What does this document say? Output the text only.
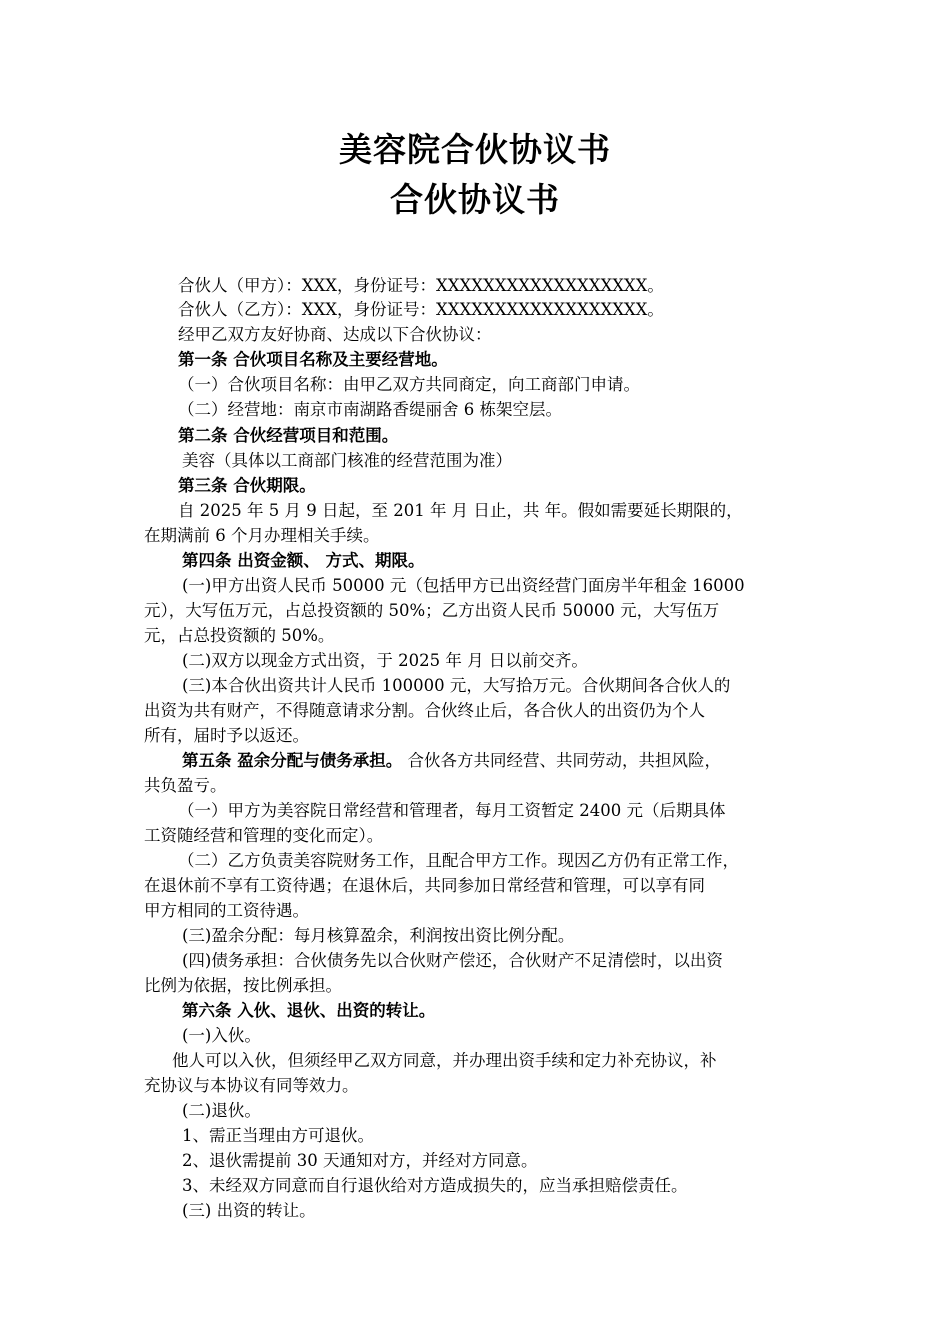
美容院合伙协议书
合伙协议书
合伙人（甲方）：XXX，身份证号：XXXXXXXXXXXXXXXXXX。
合伙人（乙方）：XXX，身份证号：XXXXXXXXXXXXXXXXXX。
经甲乙双方友好协商、达成以下合伙协议：
第一条 合伙项目名称及主要经营地。
（一）合伙项目名称：由甲乙双方共同商定，向工商部门申请。
（二）经营地：南京市南湖路香缇丽舍 6 栋架空层。
第二条 合伙经营项目和范围。
美容（具体以工商部门核准的经营范围为准）
第三条 合伙期限。
自 2025 年 5 月 9 日起，至 201 年 月 日止，共 年。假如需要延长期限的，
在期满前 6 个月办理相关手续。
第四条 出资金额、 方式、期限。
(一)甲方出资人民币 50000 元（包括甲方已出资经营门面房半年租金 16000
元），大写伍万元，占总投资额的 50%；乙方出资人民币 50000 元，大写伍万
元，占总投资额的 50%。
(二)双方以现金方式出资，于 2025 年 月 日以前交齐。
(三)本合伙出资共计人民币 100000 元，大写拾万元。合伙期间各合伙人的
出资为共有财产，不得随意请求分割。合伙终止后，各合伙人的出资仍为个人
所有，届时予以返还。
第五条 盈余分配与债务承担。 合伙各方共同经营、共同劳动，共担风险，
共负盈亏。
（一）甲方为美容院日常经营和管理者，每月工资暂定 2400 元（后期具体
工资随经营和管理的变化而定）。
（二）乙方负责美容院财务工作，且配合甲方工作。现因乙方仍有正常工作，
在退休前不享有工资待遇；在退休后，共同参加日常经营和管理，可以享有同
甲方相同的工资待遇。
(三)盈余分配：每月核算盈余，利润按出资比例分配。
(四)债务承担：合伙债务先以合伙财产偿还，合伙财产不足清偿时，以出资
比例为依据，按比例承担。
第六条 入伙、退伙、出资的转让。
(一)入伙。
他人可以入伙，但须经甲乙双方同意，并办理出资手续和定力补充协议，补
充协议与本协议有同等效力。
(二)退伙。
1、需正当理由方可退伙。
2、退伙需提前 30 天通知对方，并经对方同意。
3、未经双方同意而自行退伙给对方造成损失的，应当承担赔偿责任。
(三) 出资的转让。
